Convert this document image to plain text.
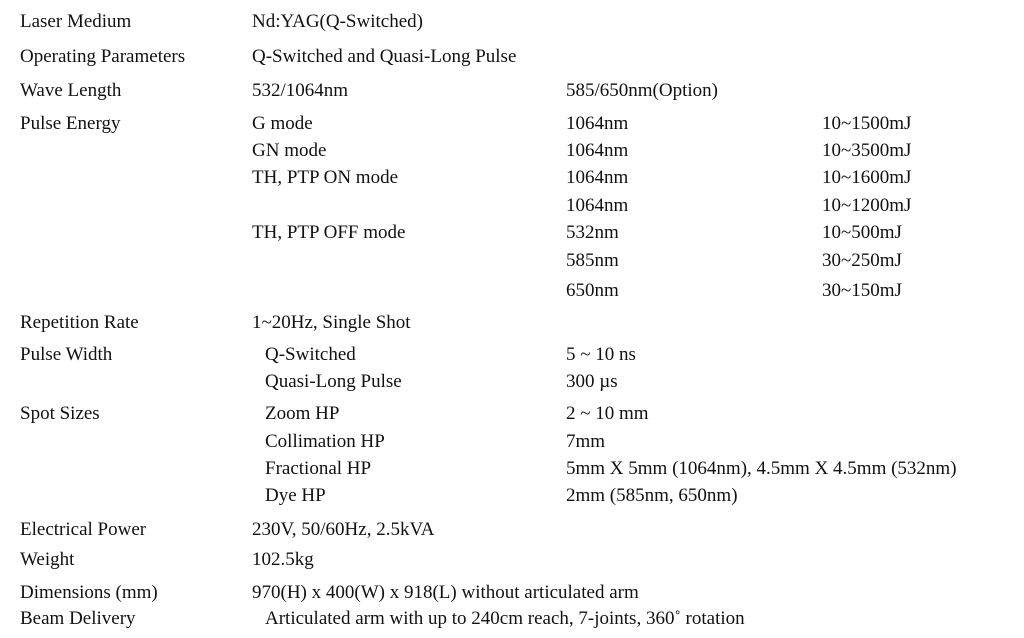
Laser Medium	Nd:YAG(Q-Switched)
Operating Parameters	Q-Switched and Quasi-Long Pulse
Wave Length	532/1064nm	585/650nm(Option)
Pulse Energy	G mode	1064nm	10~1500mJ
GN mode	1064nm	10~3500mJ
TH, PTP ON mode	1064nm	10~1600mJ
1064nm	10~1200mJ
TH, PTP OFF mode	532nm	10~500mJ
585nm	30~250mJ
650nm	30~150mJ
Repetition Rate	1~20Hz, Single Shot
Pulse Width	Q-Switched	5 ~ 10 ns
Quasi-Long Pulse	300 µs
Spot Sizes	Zoom HP	2 ~ 10 mm
Collimation HP	7mm
Fractional HP	5mm X 5mm (1064nm), 4.5mm X 4.5mm (532nm)
Dye HP	2mm (585nm, 650nm)
Electrical Power	230V, 50/60Hz, 2.5kVA
Weight	102.5kg
Dimensions (mm)	970(H) x 400(W) x 918(L) without articulated arm
Beam Delivery	Articulated arm with up to 240cm reach, 7-joints, 360˚ rotation
